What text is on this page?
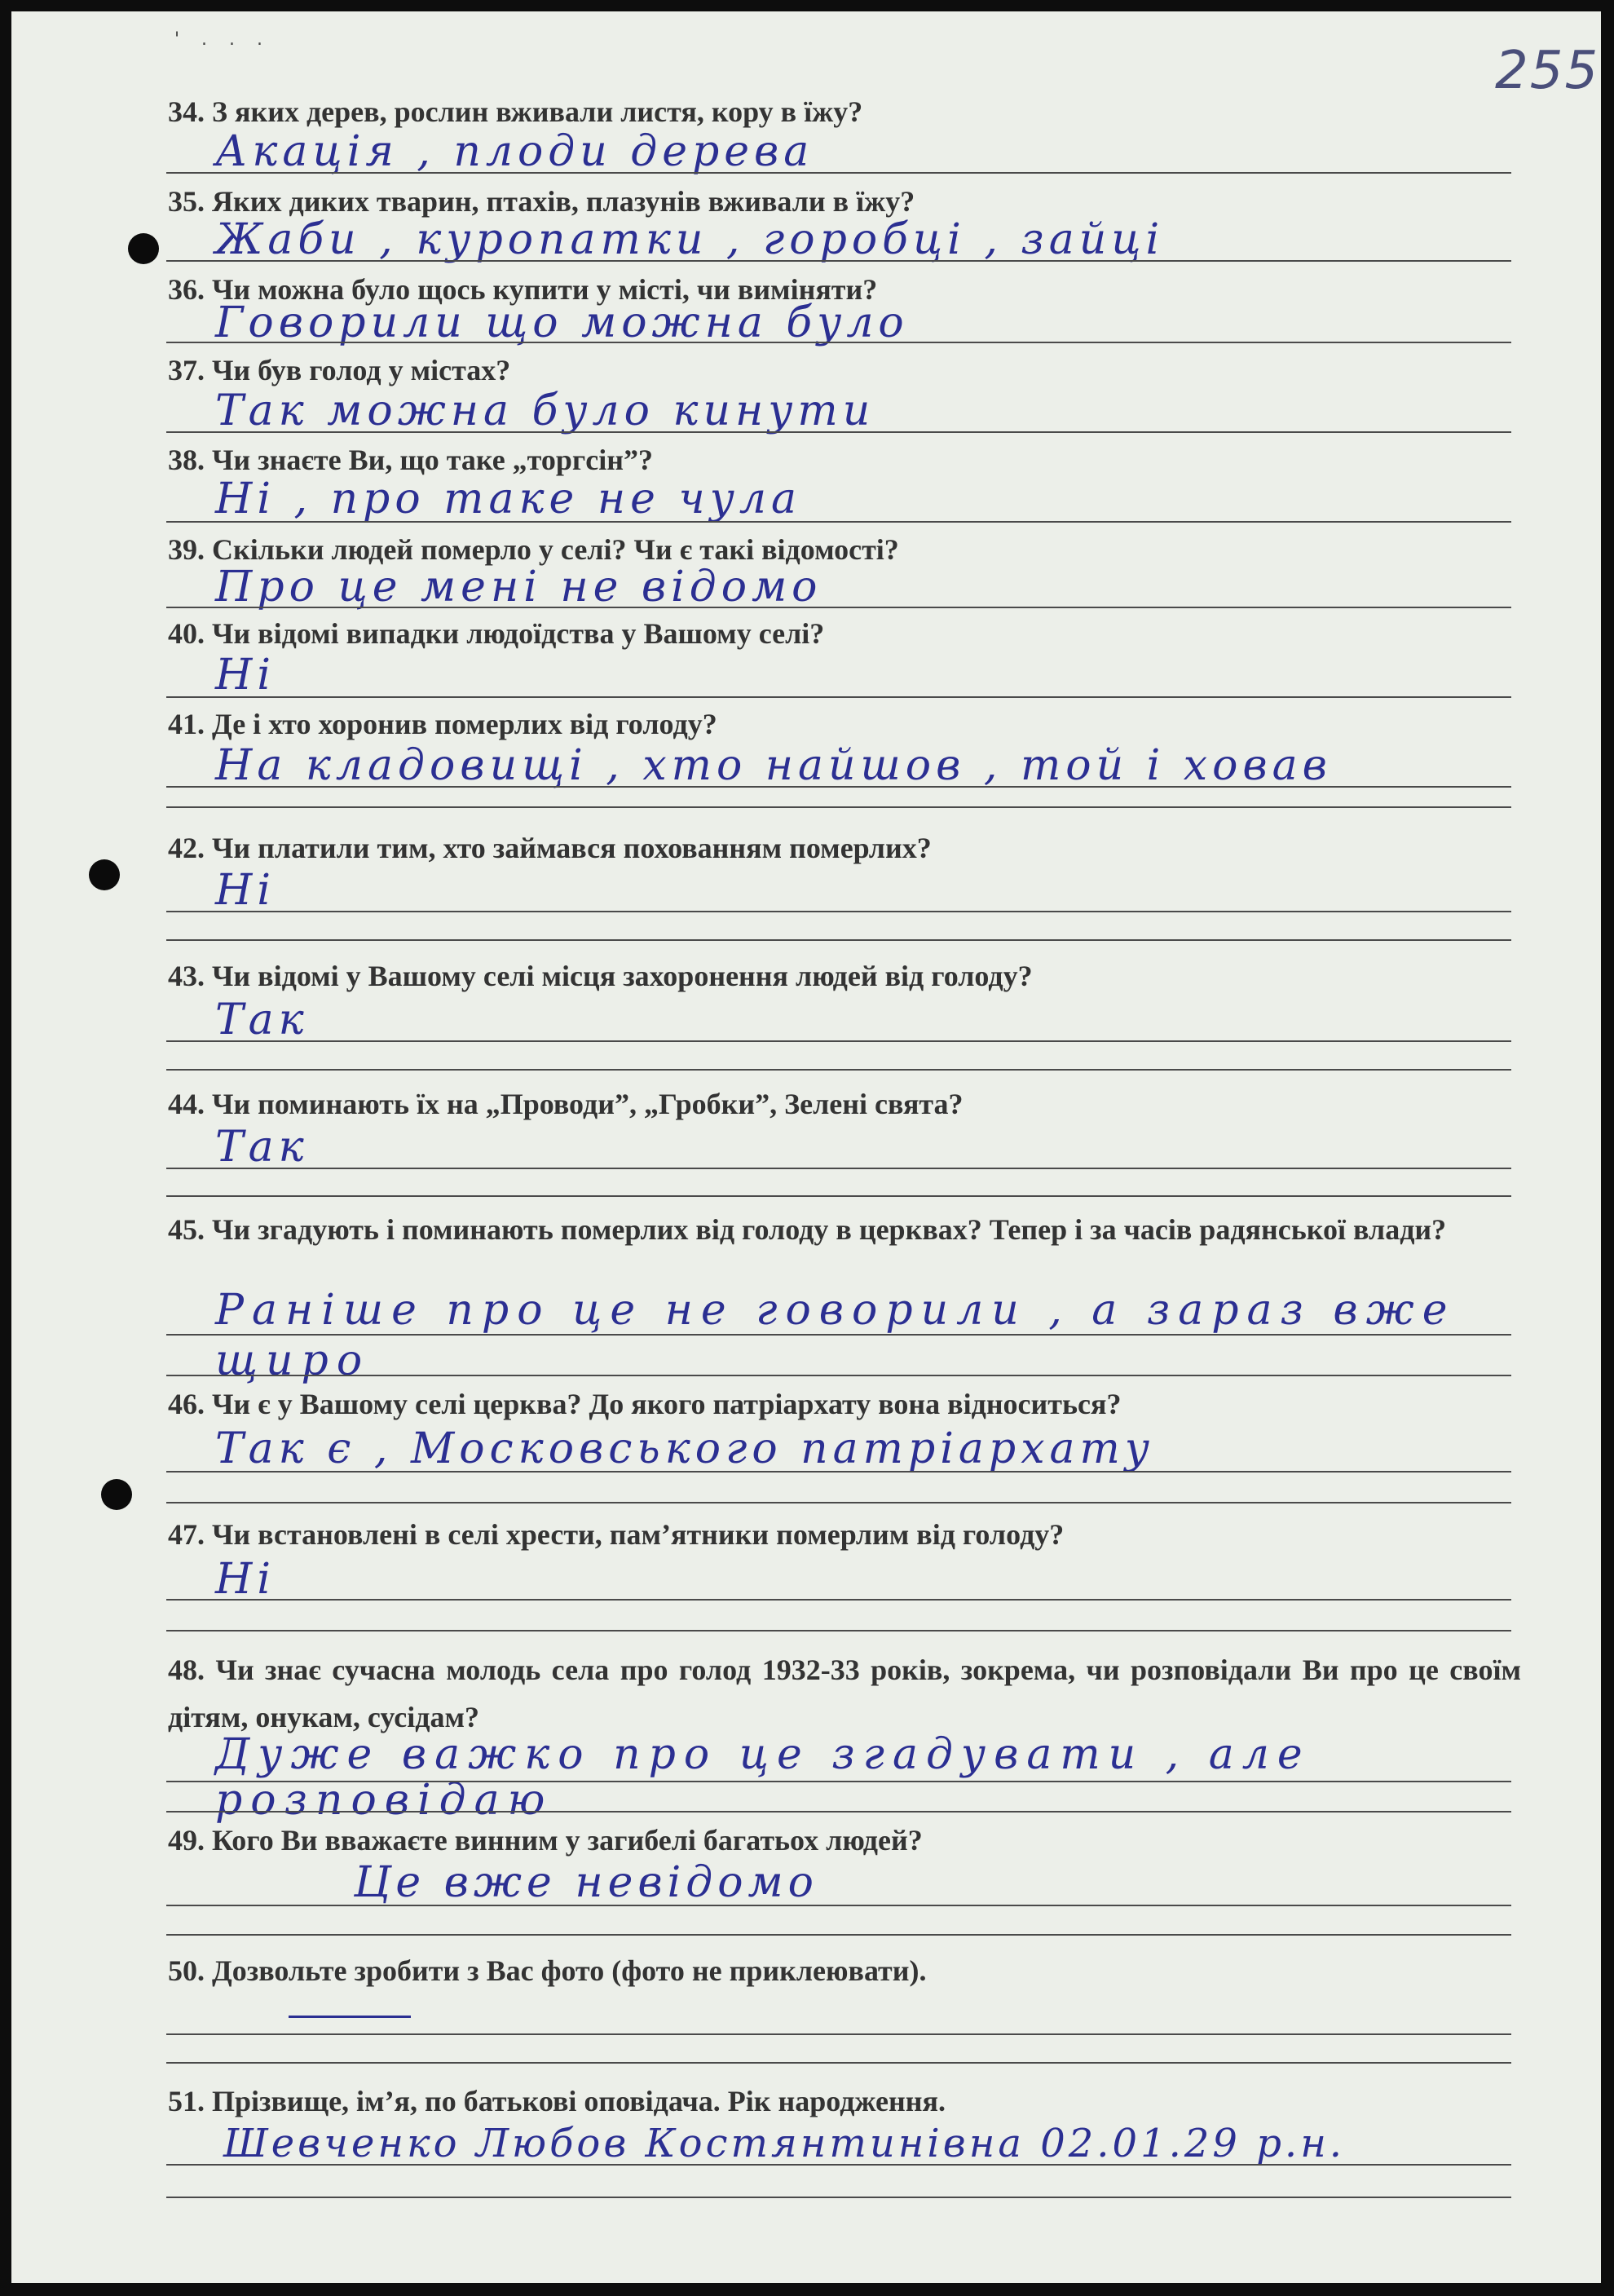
' . . .
255

34. З яких дерев, рослин вживали листя, кору в їжу?

Акація , плоди дерева

35. Яких диких тварин, птахів, плазунів вживали в їжу?

Жаби , куропатки , горобці , зайці

36. Чи можна було щось купити у місті, чи виміняти?

Говорили що можна було

37. Чи був голод у містах?

Так можна було кинути

38. Чи знаєте Ви, що таке „торгсін”?

Ні , про таке не чула

39. Скільки людей померло у селі? Чи є такі відомості?

Про це мені не відомо

40. Чи відомі випадки людоїдства у Вашому селі?

Ні

41. Де і хто хоронив померлих від голоду?

На кладовищі , хто найшов , той і ховав

42. Чи платили тим, хто займався похованням померлих?

Ні

43. Чи відомі у Вашому селі місця захоронення людей від голоду?

Так

44. Чи поминають їх на „Проводи”, „Гробки”, Зелені свята?

Так

45. Чи згадують і поминають померлих від голоду в церквах? Тепер і за часів радянської влади?

Раніше про це не говорили , а зараз вже щиро

46. Чи є у Вашому селі церква? До якого патріархату вона відноситься?

Так є , Московського патріархату

47. Чи встановлені в селі хрести, пам’ятники померлим від голоду?

Ні

48. Чи знає сучасна молодь села про голод 1932-33 років, зокрема, чи розповідали Ви про це своїм дітям, онукам, сусідам?

Дуже важко про це згадувати , але розповідаю

49. Кого Ви вважаєте винним у загибелі багатьох людей?

Це вже невідомо

50. Дозвольте зробити з Вас фото (фото не приклеювати).

51. Прізвище, ім’я, по батькові оповідача. Рік народження.

Шевченко Любов Костянтинівна 02.01.29 р.н.
